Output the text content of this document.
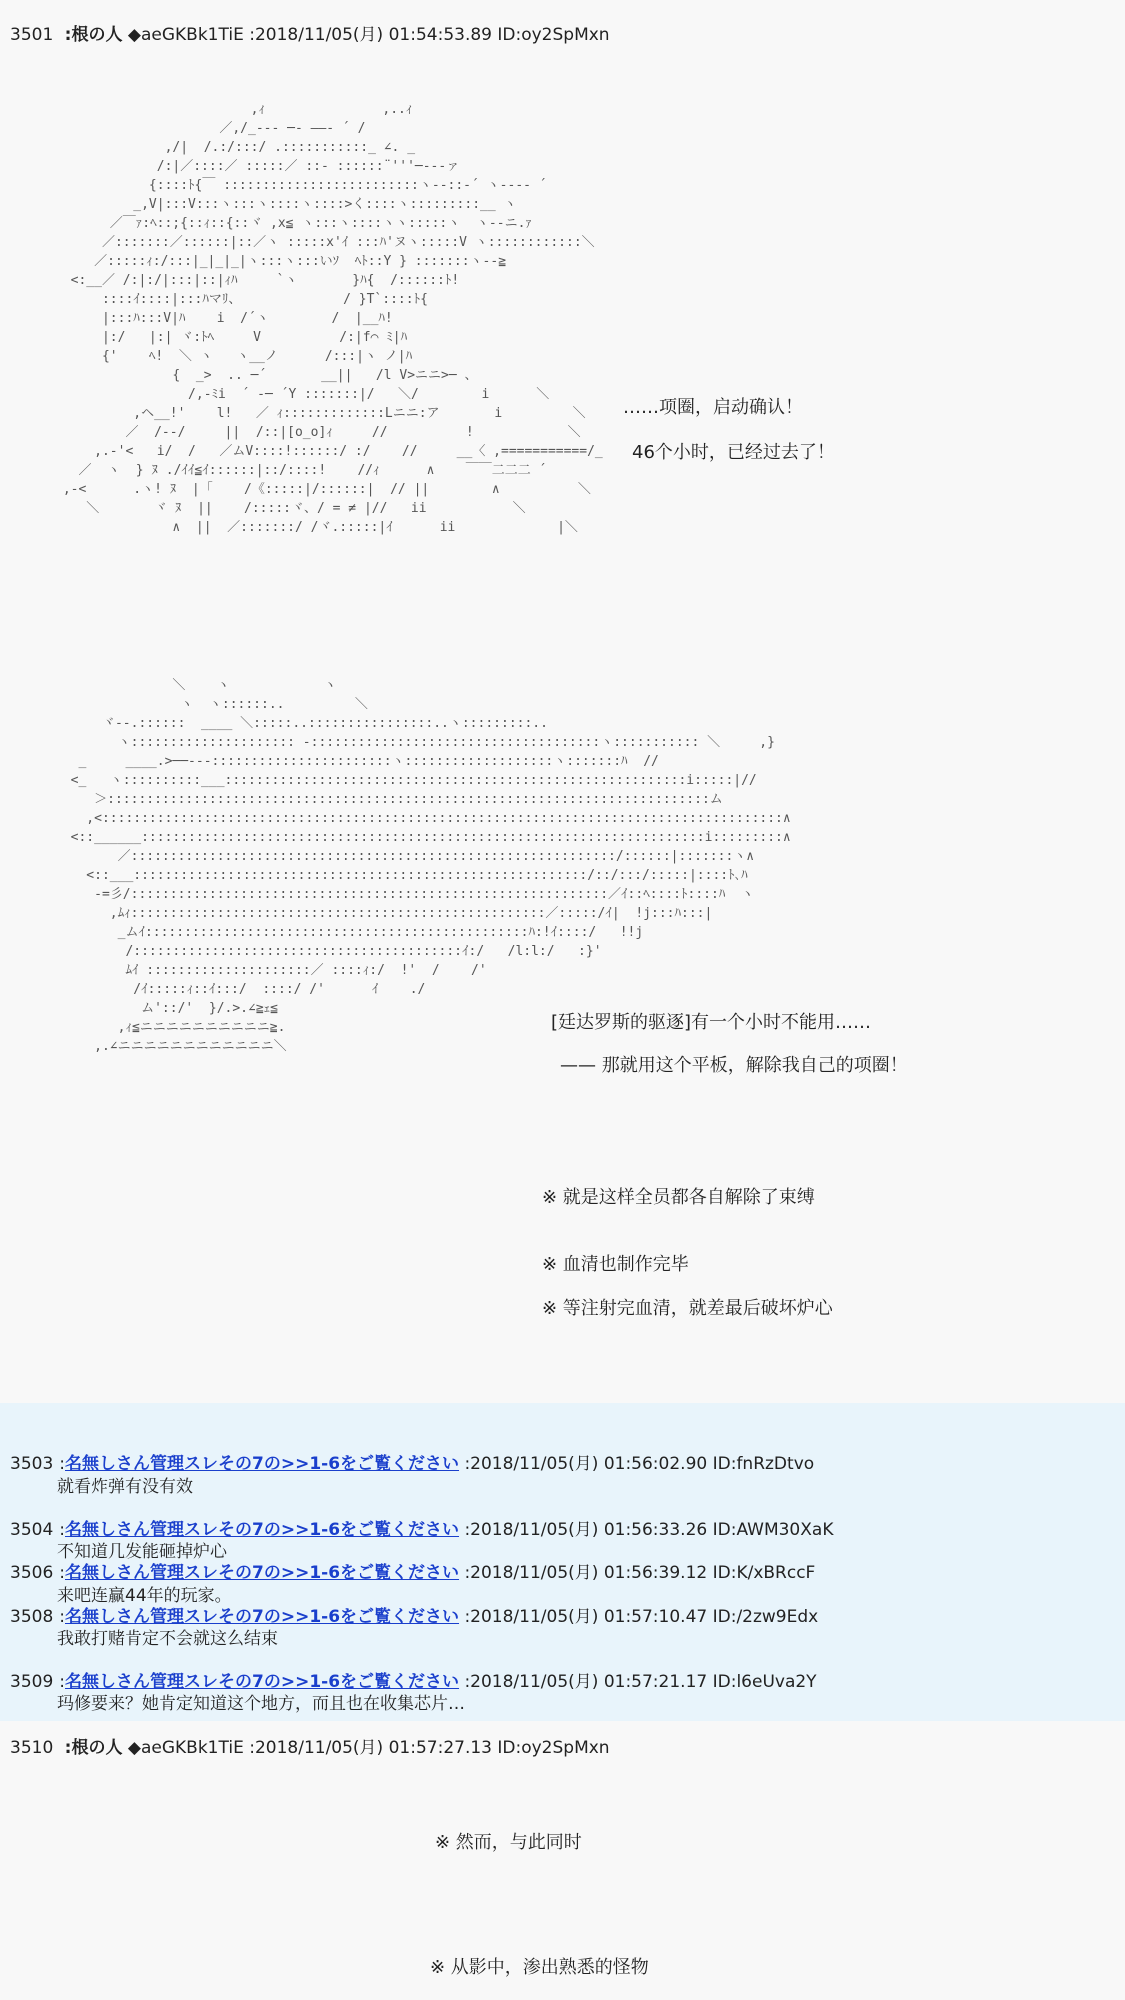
3501 :根の人 ◆aeGKBk1TiE :2018/11/05(月) 01:54:53.89 ID:oy2SpMxn
,ｨ               ,..ｨ
／,/_--‐ ─- ――‐ ´ /
,/|  /.:/:::/ .:::::::::::_ ∠. _
/:|／::::／ :::::／ ::- ::::::¨'''─---ァ
{::::ﾄ{￣ :::::::::::::::::::::::::ヽ--::-´ ヽ---‐ ´
_,V|:::V:::ヽ:::ヽ::::ヽ::::>く::::ヽ:::::::::__ ヽ
／￣ｧ:ﾍ::;{::ｨ::{::ヾ ,x≦ ヽ:::ヽ::::ヽヽ:::::ヽ  ヽ--ニ.ｧ
／:::::::／::::::|::／ヽ :::::x'ｲ :::ﾊ'ヌヽ:::::V ヽ::::::::::::＼
／:::::ｨ:/:::|_|_|_|ヽ:::ヽ:::いｿ  ﾍﾄ::Y } :::::::ヽ--≧
<:__／ /:|:/|:::|::|ｨﾊ     `ヽ       }ﾊ{  /::::::ﾄ!
::::ｲ::::|:::ﾊマﾘ、             / }T`::::ﾄ{
|:::ﾊ:::V|ﾊ    i  /´ヽ        /  |__ﾊ!
|:/   |:| ヾ:ﾄﾍ     V          /:|f⌒ ﾐ|ﾊ
{'    ﾍ!  ＼ ヽ   ヽ__ノ      /:::|ヽ ノ|ﾊ
{  _>  .. ─´       __||   /l V>ニニ>─ 、
/,-ﾐi  ´ ‐─ ´Y :::::::|/   ＼/        i      ＼
,ヘ__!'    l!   ／ ｨ:::::::::::::Lニニ:ア       i         ＼
／  /--/     ||  /::|[o_o]ｨ     //          !            ＼
,.-'<   i/  /   ／ムV::::!::::::/ :/    //     __〈 ,===========/_
／  ヽ  } ﾇ ./ｲｲ≦ｲ::::::|::/::::!    //ｨ      ∧    ￣￣二二二 ´
,-<      .ヽ! ﾇ  |「    /《:::::|/::::::|  // ||        ∧          ＼
＼       ヾ ﾇ  ||    /:::::ヾ、/ = ≠ |//   ii           ＼
∧  ||  ／:::::::/ /ヾ.:::::|ｲ      ii             |＼
……项圈，启动确认！
46个小时，已经过去了！
＼    ヽ            ヽ
ヽ  ヽ::::::..         ＼
ヾ‐-.::::::  ____ ＼:::::..::::::::::::::::..ヽ:::::::::..
ヽ::::::::::::::::::::: ‐:::::::::::::::::::::::::::::::::::::ヽ::::::::::: ＼     ,}
_     ____.>──--‐:::::::::::::::::::::::ヽ:::::::::::::::::::ヽ:::::::ﾊ  //
<_   ヽ::::::::::___:::::::::::::::::::::::::::::::::::::::::::::::::::::::::::i:::::|//
＞:::::::::::::::::::::::::::::::::::::::::::::::::::::::::::::::::::::::::::::ム
,<:::::::::::::::::::::::::::::::::::::::::::::::::::::::::::::::::::::::::::::::::::::::∧
<::______::::::::::::::::::::::::::::::::::::::::::::::::::::::::::::::::::::::::i:::::::::∧
／::::::::::::::::::::::::::::::::::::::::::::::::::::::::::::::/::::::|:::::::ヽ∧
<::___::::::::::::::::::::::::::::::::::::::::::::::::::::::::::/::/:::/:::::|::::ﾄ､ﾊ
-=彡/:::::::::::::::::::::::::::::::::::::::::::::::::::::::::::::／ｲ::ﾍ::::ﾄ::::ﾊ  ヽ
,ﾑｨ:::::::::::::::::::::::::::::::::::::::::::::::::::::／:::::/ｲ|  !j:::ﾊ:::|
_ムｲ:::::::::::::::::::::::::::::::::::::::::::::::::ﾊ:!ｲ::::/   !!j
/::::::::::::::::::::::::::::::::::::::::::ｲ:/   /l:l:/   :}'
ﾑｲ :::::::::::::::::::::／ ::::ｨ:/  !'  /    /'
/ｲ:::::ｨ::ｲ:::/  ::::/ /'      ｲ    ./
ム'::/'  }/.>.∠≧ｪ≦
,ｨ≦ニニニニニニニニニニ≧.
,.∠ニニニニニニニニニニニニ＼
[廷达罗斯的驱逐]有一个小时不能用……
—— 那就用这个平板，解除我自己的项圈！
※ 就是这样全员都各自解除了束缚
※ 血清也制作完毕
※ 等注射完血清，就差最后破坏炉心
3503 :名無しさん管理スレその7の>>1-6をご覧ください :2018/11/05(月) 01:56:02.90 ID:fnRzDtvo
就看炸弹有没有效
3504 :名無しさん管理スレその7の>>1-6をご覧ください :2018/11/05(月) 01:56:33.26 ID:AWM30XaK
不知道几发能砸掉炉心
3506 :名無しさん管理スレその7の>>1-6をご覧ください :2018/11/05(月) 01:56:39.12 ID:K/xBRccF
来吧连赢44年的玩家。
3508 :名無しさん管理スレその7の>>1-6をご覧ください :2018/11/05(月) 01:57:10.47 ID:/2zw9Edx
我敢打赌肯定不会就这么结束
3509 :名無しさん管理スレその7の>>1-6をご覧ください :2018/11/05(月) 01:57:21.17 ID:l6eUva2Y
玛修要来？她肯定知道这个地方，而且也在收集芯片…
3510 :根の人 ◆aeGKBk1TiE :2018/11/05(月) 01:57:27.13 ID:oy2SpMxn
※ 然而，与此同时
※ 从影中，渗出熟悉的怪物
